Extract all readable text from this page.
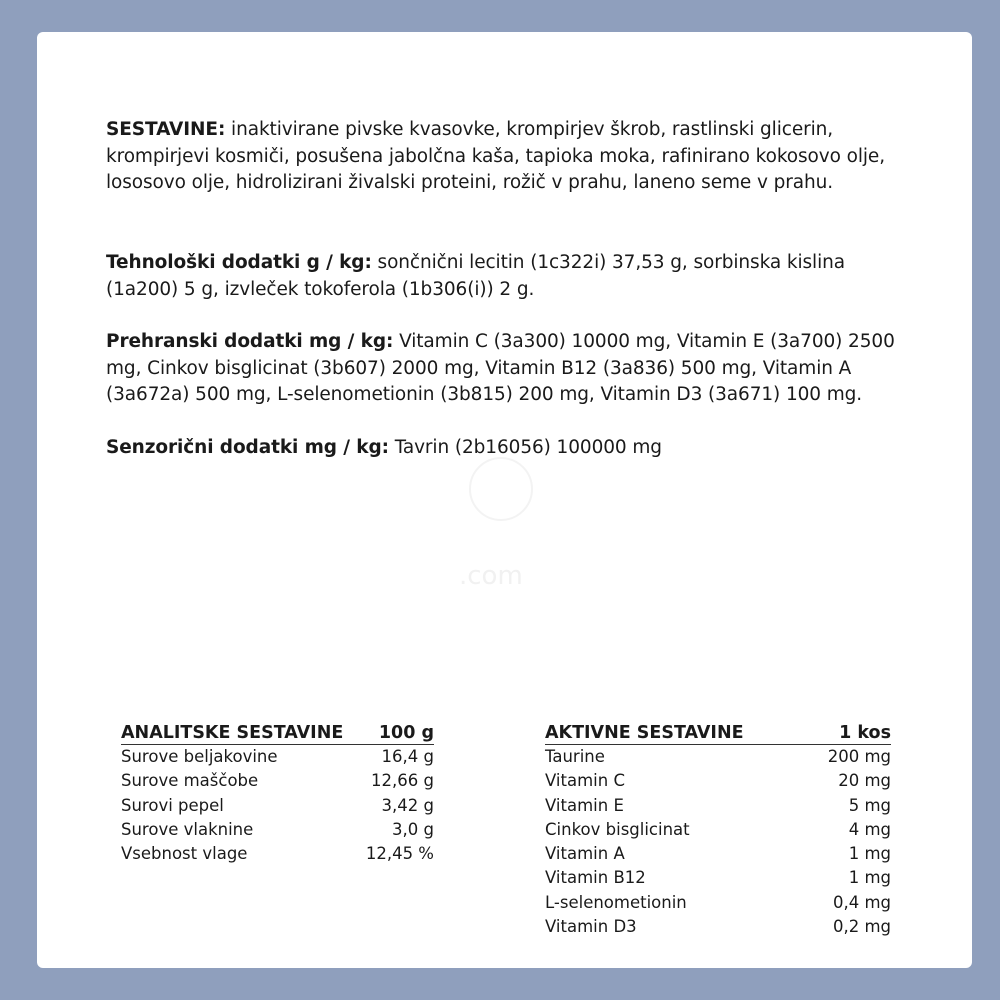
SESTAVINE: inaktivirane pivske kvasovke, krompirjev škrob, rastlinski glicerin, krompirjevi kosmiči, posušena jabolčna kaša, tapioka moka, rafinirano kokosovo olje, lososovo olje, hidrolizirani živalski proteini, rožič v prahu, laneno seme v prahu.

Tehnološki dodatki g / kg: sončnični lecitin (1c322i) 37,53 g, sorbinska kislina (1a200) 5 g, izvleček tokoferola (1b306(i)) 2 g.

Prehranski dodatki mg / kg: Vitamin C (3a300) 10000 mg, Vitamin E (3a700) 2500 mg, Cinkov bisglicinat (3b607) 2000 mg, Vitamin B12 (3a836) 500 mg, Vitamin A (3a672a) 500 mg, L-selenometionin (3b815) 200 mg, Vitamin D3 (3a671) 100 mg.

Senzorični dodatki mg / kg: Tavrin (2b16056) 100000 mg

.com
ANALITSKE SESTAVINE	100 g
Surove beljakovine	16,4 g
Surove maščobe	12,66 g
Surovi pepel	3,42 g
Surove vlaknine	3,0 g
Vsebnost vlage	12,45 %
AKTIVNE SESTAVINE	1 kos
Taurine	200 mg
Vitamin C	20 mg
Vitamin E	5 mg
Cinkov bisglicinat	4 mg
Vitamin A	1 mg
Vitamin B12	1 mg
L-selenometionin	0,4 mg
Vitamin D3	0,2 mg
